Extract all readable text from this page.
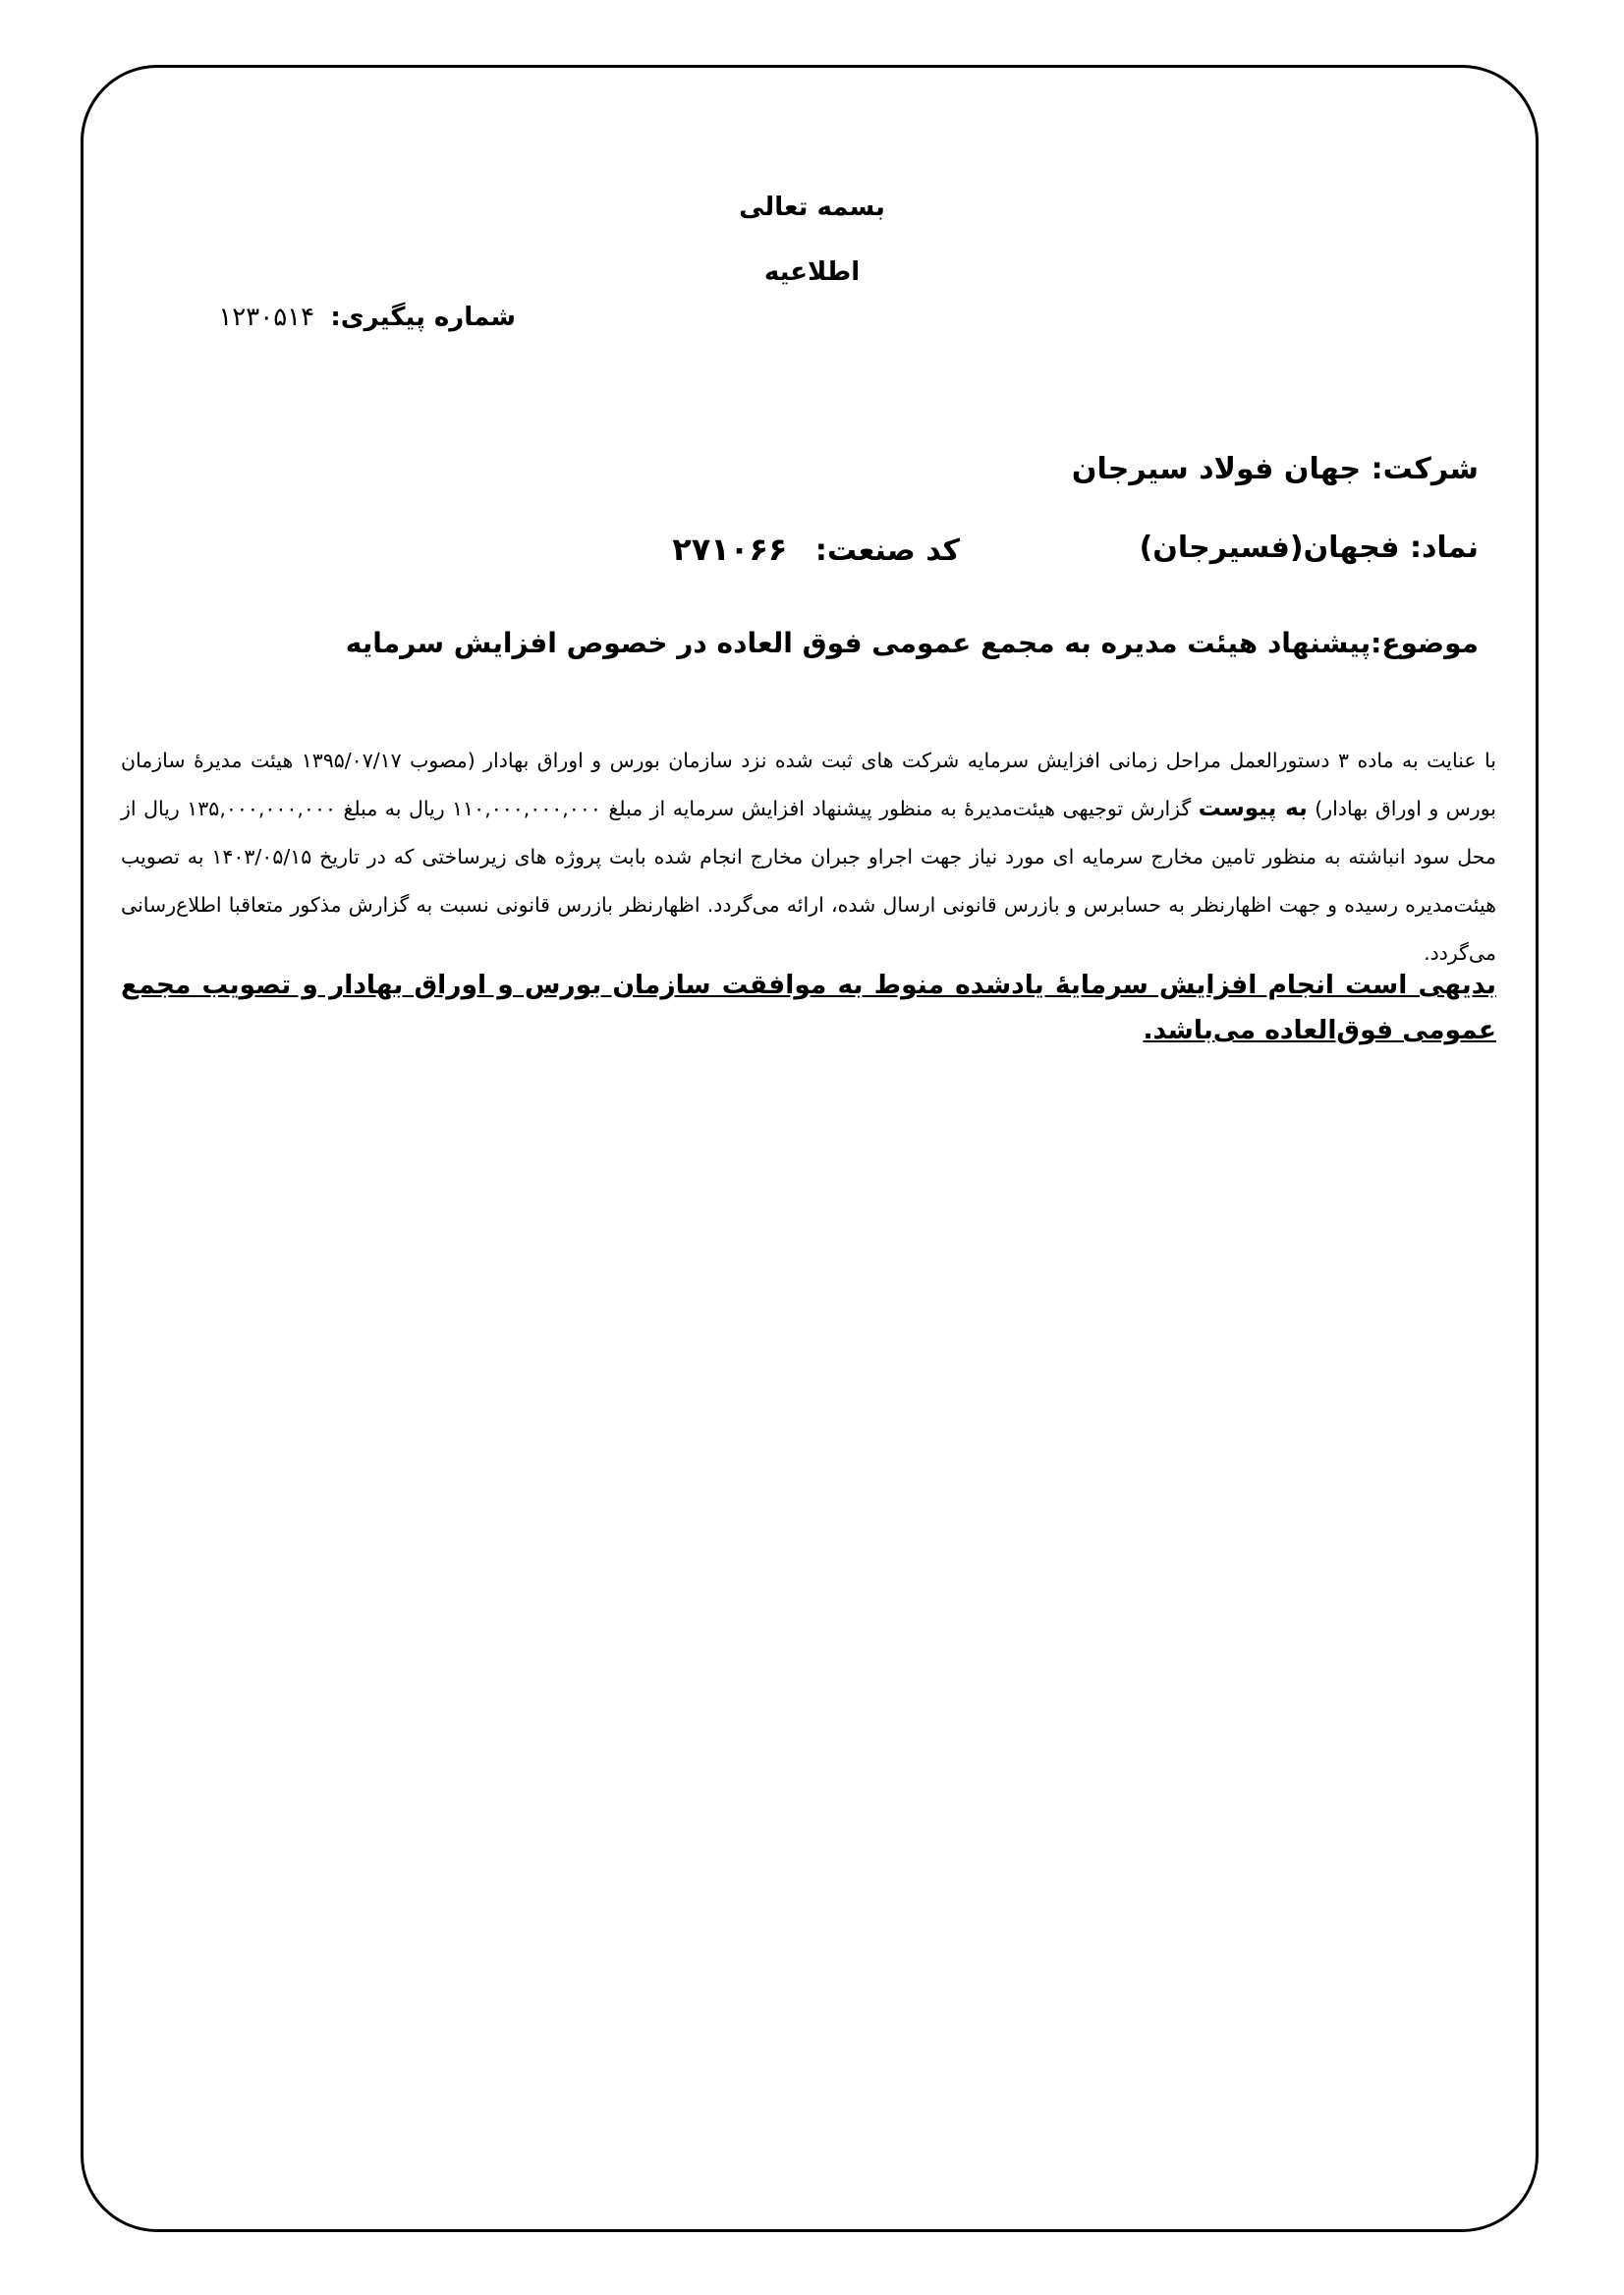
بسمه تعالی
اطلاعیه
شماره پیگیری: ۱۲۳۰۵۱۴
شرکت: جهان فولاد سیرجان
نماد: فجهان(فسیرجان)
کد صنعت: ۲۷۱۰۶۶
موضوع:پیشنهاد هیئت مدیره به مجمع عمومی فوق العاده در خصوص افزایش سرمایه
با عنایت به ماده ۳ دستورالعمل مراحل زمانی افزایش سرمایه شرکت های ثبت شده نزد سازمان بورس و اوراق بهادار (مصوب ۱۳۹۵/۰۷/۱۷ هیئت مدیرهٔ سازمان بورس و اوراق بهادار) به پیوست گزارش توجیهی هیئت‌مدیرهٔ به منظور پیشنهاد افزایش سرمایه از مبلغ ۱۱۰,۰۰۰,۰۰۰,۰۰۰ ریال به مبلغ ۱۳۵,۰۰۰,۰۰۰,۰۰۰ ریال از محل سود انباشته به منظور تامین مخارج سرمایه ای مورد نیاز جهت اجراو جبران مخارج انجام شده بابت پروژه های زیرساختی که در تاریخ ۱۴۰۳/۰۵/۱۵ به تصویب هیئت‌مدیره رسیده و جهت اظهارنظر به حسابرس و بازرس قانونی ارسال شده، ارائه می‌گردد. اظهارنظر بازرس قانونی نسبت به گزارش مذکور متعاقبا اطلاع‌رسانی می‌گردد.
بدیهی است انجام افزایش سرمایهٔ یادشده منوط به موافقت سازمان بورس و اوراق بهادار و تصویب مجمع عمومی فوق‌العاده می‌باشد.
